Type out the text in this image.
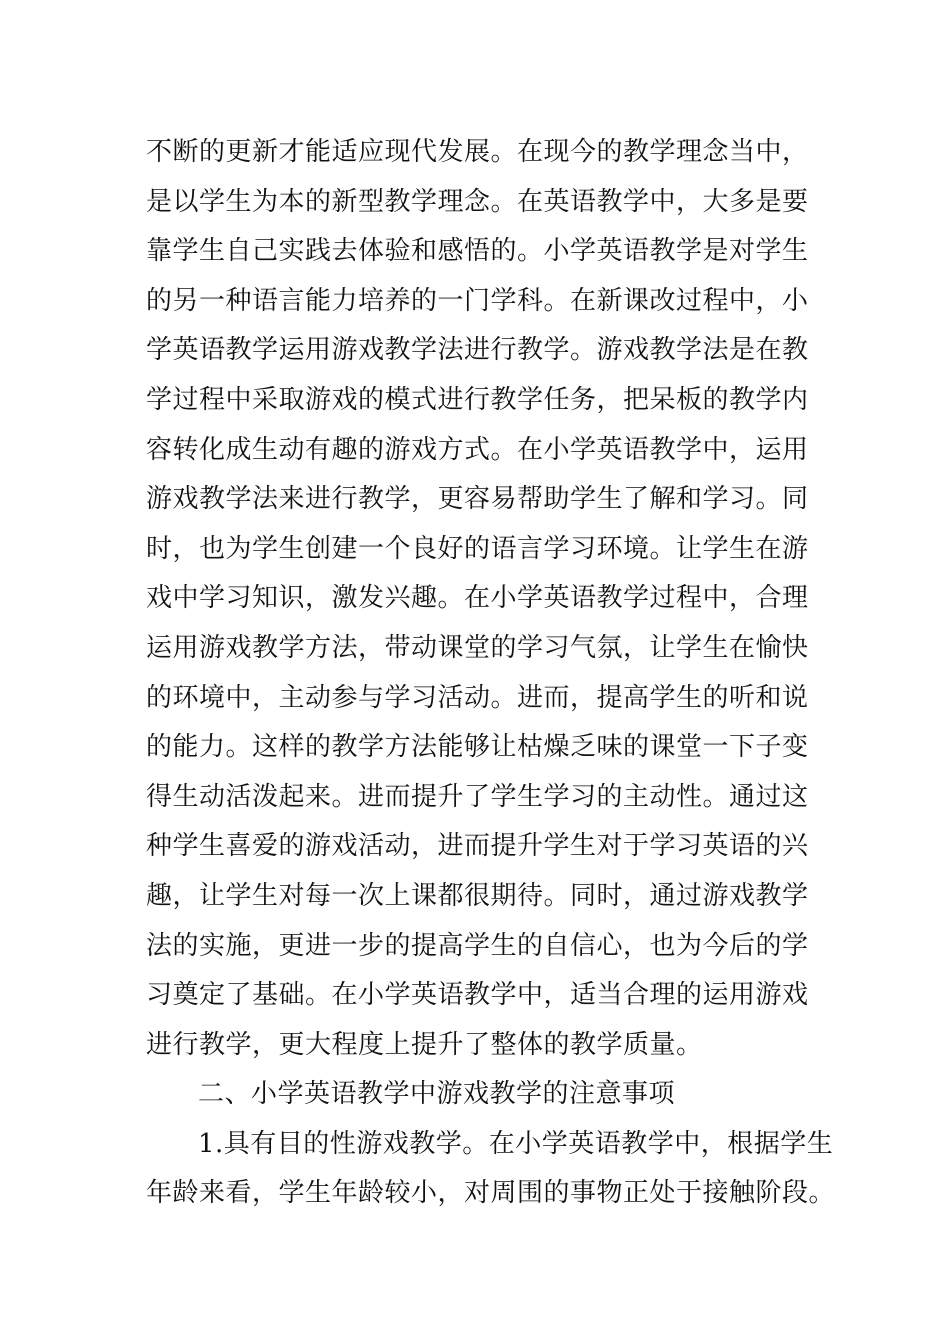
不断的更新才能适应现代发展。在现今的教学理念当中，
是以学生为本的新型教学理念。在英语教学中，大多是要
靠学生自己实践去体验和感悟的。小学英语教学是对学生
的另一种语言能力培养的一门学科。在新课改过程中，小
学英语教学运用游戏教学法进行教学。游戏教学法是在教
学过程中采取游戏的模式进行教学任务，把呆板的教学内
容转化成生动有趣的游戏方式。在小学英语教学中，运用
游戏教学法来进行教学，更容易帮助学生了解和学习。同
时，也为学生创建一个良好的语言学习环境。让学生在游
戏中学习知识，激发兴趣。在小学英语教学过程中，合理
运用游戏教学方法，带动课堂的学习气氛，让学生在愉快
的环境中，主动参与学习活动。进而，提高学生的听和说
的能力。这样的教学方法能够让枯燥乏味的课堂一下子变
得生动活泼起来。进而提升了学生学习的主动性。通过这
种学生喜爱的游戏活动，进而提升学生对于学习英语的兴
趣，让学生对每一次上课都很期待。同时，通过游戏教学
法的实施，更进一步的提高学生的自信心，也为今后的学
习奠定了基础。在小学英语教学中，适当合理的运用游戏
进行教学，更大程度上提升了整体的教学质量。
二、小学英语教学中游戏教学的注意事项
1.具有目的性游戏教学。在小学英语教学中，根据学生
年龄来看，学生年龄较小，对周围的事物正处于接触阶段。
